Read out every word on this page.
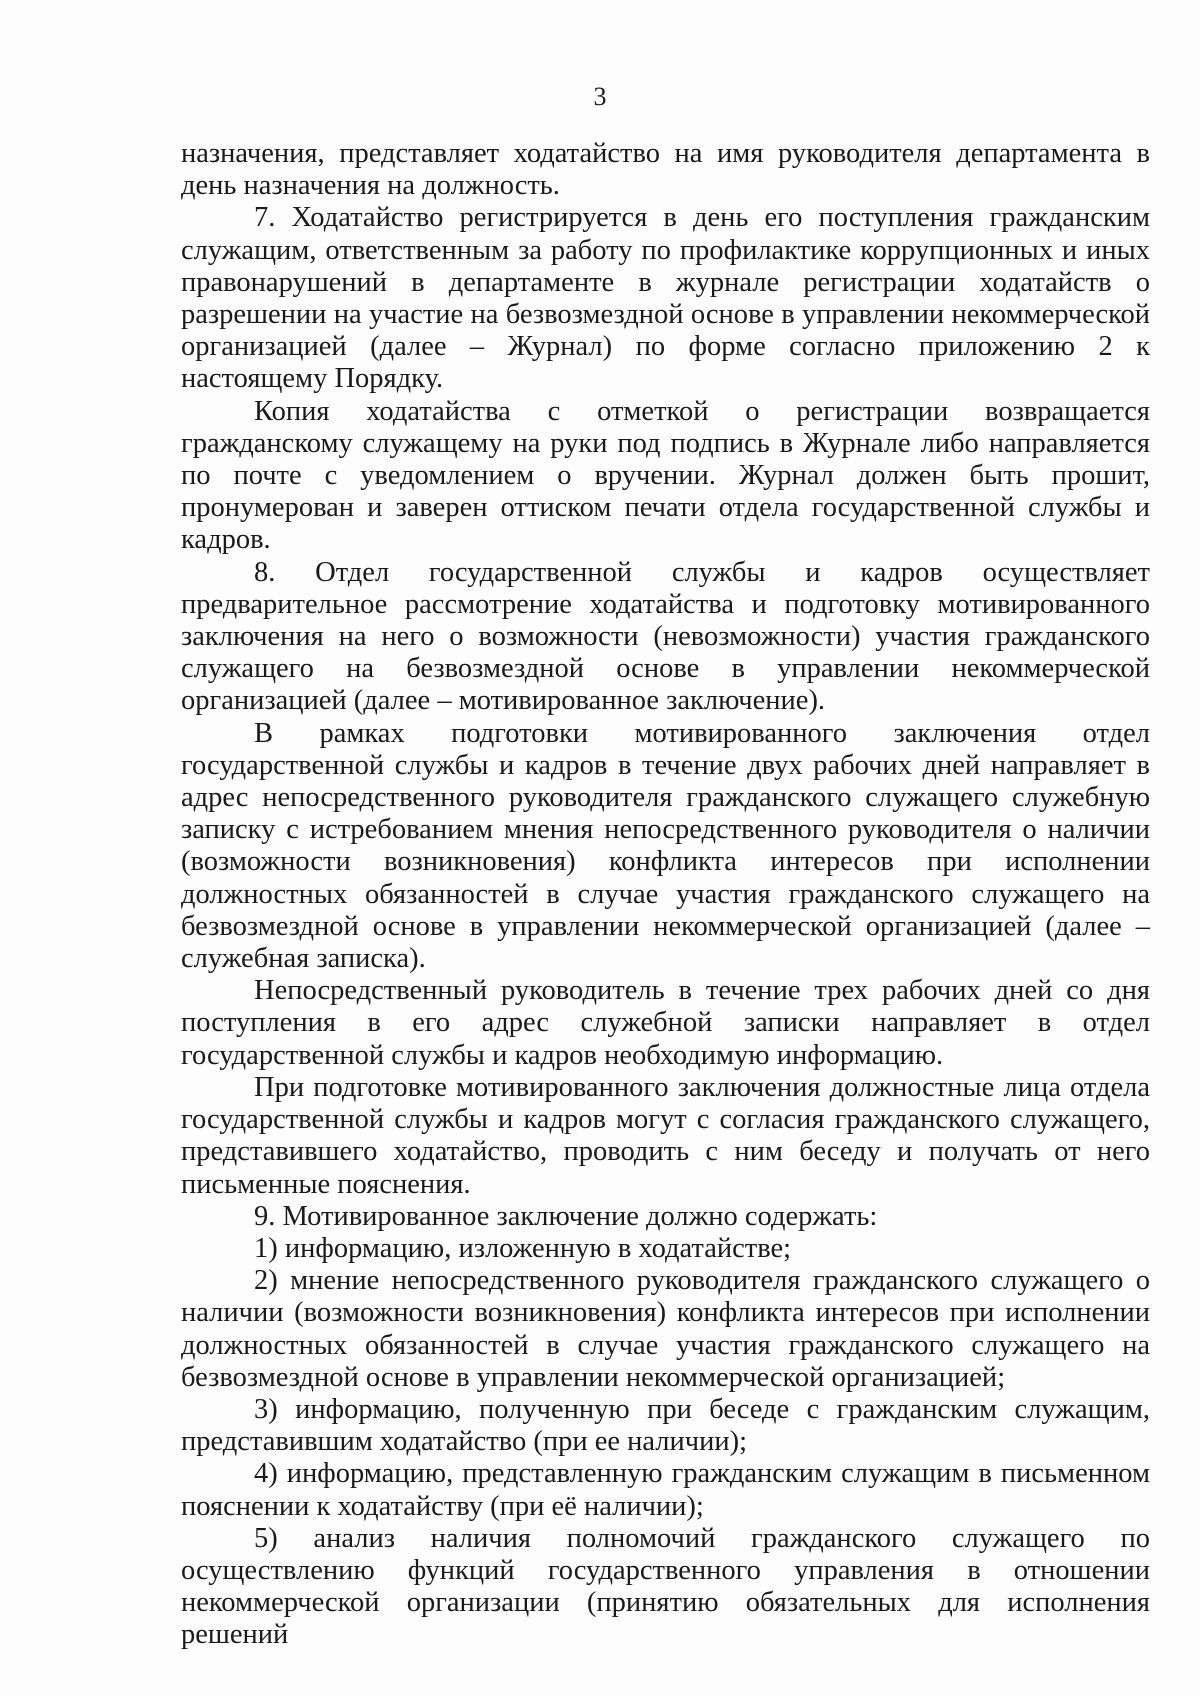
3

назначения, представляет ходатайство на имя руководителя департамента в день назначения на должность.

7. Ходатайство регистрируется в день его поступления гражданским служащим, ответственным за работу по профилактике коррупционных и иных правонарушений в департаменте в журнале регистрации ходатайств о разрешении на участие на безвозмездной основе в управлении некоммерческой организацией (далее – Журнал) по форме согласно приложению 2 к настоящему Порядку.

Копия ходатайства с отметкой о регистрации возвращается гражданскому служащему на руки под подпись в Журнале либо направляется по почте с уведомлением о вручении. Журнал должен быть прошит, пронумерован и заверен оттиском печати отдела государственной службы и кадров.

8. Отдел государственной службы и кадров осуществляет предварительное рассмотрение ходатайства и подготовку мотивированного заключения на него о возможности (невозможности) участия гражданского служащего на безвозмездной основе в управлении некоммерческой организацией (далее – мотивированное заключение).

В рамках подготовки мотивированного заключения отдел государственной службы и кадров в течение двух рабочих дней направляет в адрес непосредственного руководителя гражданского служащего служебную записку с истребованием мнения непосредственного руководителя о наличии (возможности возникновения) конфликта интересов при исполнении должностных обязанностей в случае участия гражданского служащего на безвозмездной основе в управлении некоммерческой организацией (далее – служебная записка).

Непосредственный руководитель в течение трех рабочих дней со дня поступления в его адрес служебной записки направляет в отдел государственной службы и кадров необходимую информацию.

При подготовке мотивированного заключения должностные лица отдела государственной службы и кадров могут с согласия гражданского служащего, представившего ходатайство, проводить с ним беседу и получать от него письменные пояснения.

9. Мотивированное заключение должно содержать:

1) информацию, изложенную в ходатайстве;

2) мнение непосредственного руководителя гражданского служащего о наличии (возможности возникновения) конфликта интересов при исполнении должностных обязанностей в случае участия гражданского служащего на безвозмездной основе в управлении некоммерческой организацией;

3) информацию, полученную при беседе с гражданским служащим, представившим ходатайство (при ее наличии);

4) информацию, представленную гражданским служащим в письменном пояснении к ходатайству (при её наличии);

5) анализ наличия полномочий гражданского служащего по осуществлению функций государственного управления в отношении некоммерческой организации (принятию обязательных для исполнения решений
